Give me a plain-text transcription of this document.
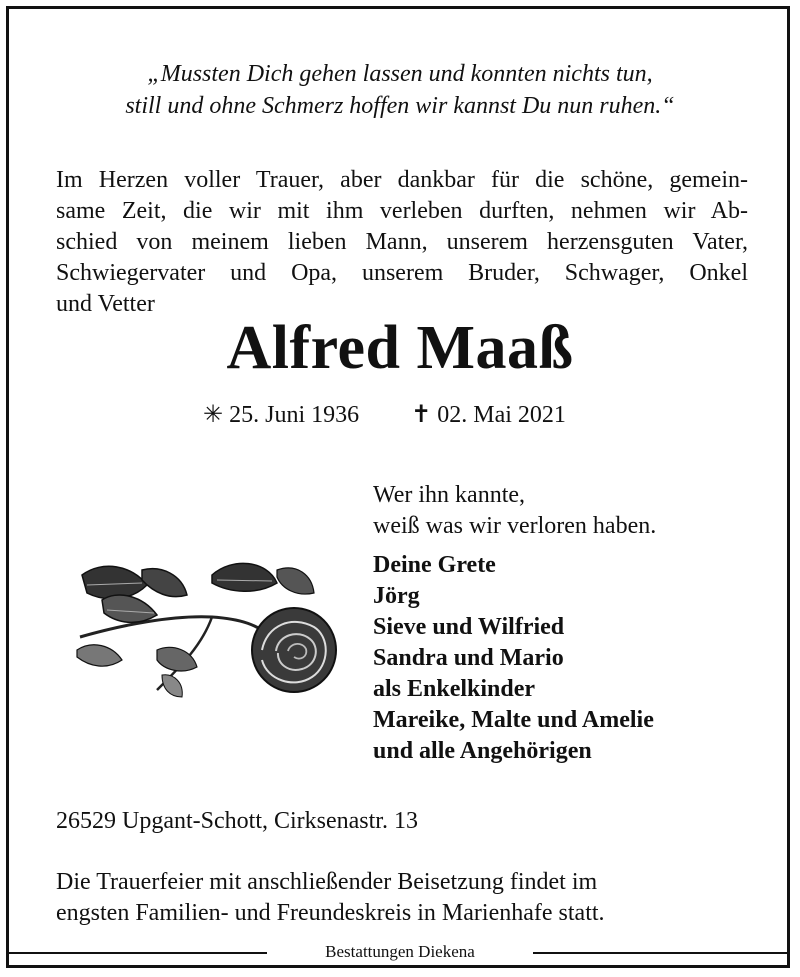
„Mussten Dich gehen lassen und konnten nichts tun,
still und ohne Schmerz hoffen wir kannst Du nun ruhen.“
Im Herzen voller Trauer, aber dankbar für die schöne, gemein-
same Zeit, die wir mit ihm verleben durften, nehmen wir Ab-
schied von meinem lieben Mann, unserem herzensguten Vater,
Schwiegervater und Opa, unserem Bruder, Schwager, Onkel
und Vetter
Alfred Maaß
✳ 25. Juni 1936 ✝ 02. Mai 2021
Wer ihn kannte,
weiß was wir verloren haben.
Deine Grete
Jörg
Sieve und Wilfried
Sandra und Mario
als Enkelkinder
Mareike, Malte und Amelie
und alle Angehörigen
26529 Upgant-Schott, Cirksenastr. 13
Die Trauerfeier mit anschließender Beisetzung findet im
engsten Familien- und Freundeskreis in Marienhafe statt.
Bestattungen Diekena
